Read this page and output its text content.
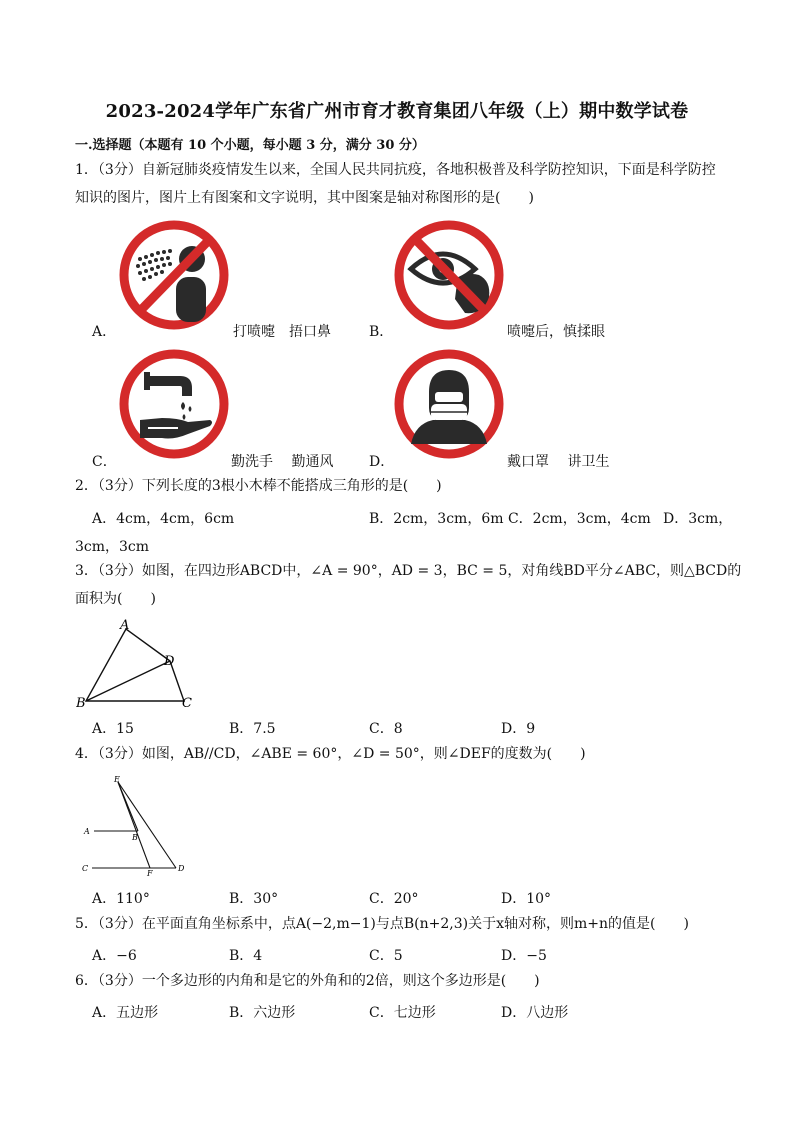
2023-2024学年广东省广州市育才教育集团八年级（上）期中数学试卷
一.选择题（本题有 10 个小题，每小题 3 分，满分 30 分）
1．（3分）自新冠肺炎疫情发生以来，全国人民共同抗疫，各地积极普及科学防控知识，下面是科学防控
知识的图片，图片上有图案和文字说明，其中图案是轴对称图形的是(　　)
A．	打喷嚏　捂口鼻	B．	喷嚏后，慎揉眼
C．	勤洗手　 勤通风	D．	戴口罩　 讲卫生
2．（3分）下列长度的3根小木棒不能搭成三角形的是(　　)
A．4cm，4cm，6cm	B．2cm，3cm，6m C．2cm，3cm，4cm D．3cm，
3cm，3cm
3．（3分）如图，在四边形ABCD中，∠A = 90°，AD = 3，BC = 5，对角线BD平分∠ABC，则△BCD的
面积为(　　)
A
D
B	C
A．15	B．7.5	C．8	D．9
4．（3分）如图，AB//CD，∠ABE = 60°，∠D = 50°，则∠DEF的度数为(　　)
E
A
B
C
F
D
A．110°	B．30°	C．20°	D．10°
5．（3分）在平面直角坐标系中，点A(−2,m−1)与点B(n+2,3)关于x轴对称，则m+n的值是(　　)
A．−6	B．4	C．5	D．−5
6．（3分）一个多边形的内角和是它的外角和的2倍，则这个多边形是(　　)
A．五边形	B．六边形	C．七边形	D．八边形
